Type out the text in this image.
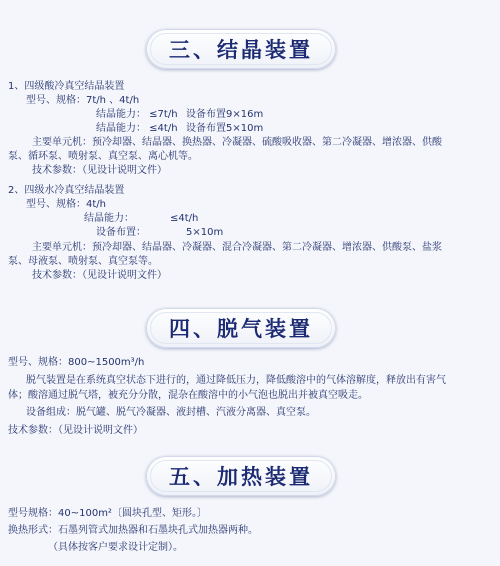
三、结晶装置
1、四级酸冷真空结晶装置
型号、规格：7t/h 、4t/h
结晶能力： ≤7t/h 设备布置9×16m
结晶能力： ≤4t/h 设备布置5×10m
主要单元机：预冷却器、结晶器、换热器、冷凝器、硫酸吸收器、第二冷凝器、增浓器、供酸
泵、循环泵、喷射泵、真空泵、离心机等。
技术参数：（见设计说明文件）
2、四级水冷真空结晶装置
型号、规格：4t/h
结晶能力：	≤4t/h
设备布置：	5×10m
主要单元机：预冷却器、结晶器、冷凝器、混合冷凝器、第二冷凝器、增浓器、供酸泵、盐浆
泵、母液泵、喷射泵、真空泵等。
技术参数：（见设计说明文件）
四、脱气装置
型号、规格：800~1500m³/h
脱气装置是在系统真空状态下进行的，通过降低压力，降低酸溶中的气体溶解度，释放出有害气
体；酸溶通过脱气塔，被充分分散，混杂在酸溶中的小气泡也脱出并被真空吸走。
设备组成：脱气罐、脱气冷凝器、液封槽、汽液分离器、真空泵。
技术参数：（见设计说明文件）
五、加热装置
型号规格：40~100m²〔圆块孔型、矩形。〕
换热形式：石墨列管式加热器和石墨块孔式加热器两种。
（具体按客户要求设计定制）。
